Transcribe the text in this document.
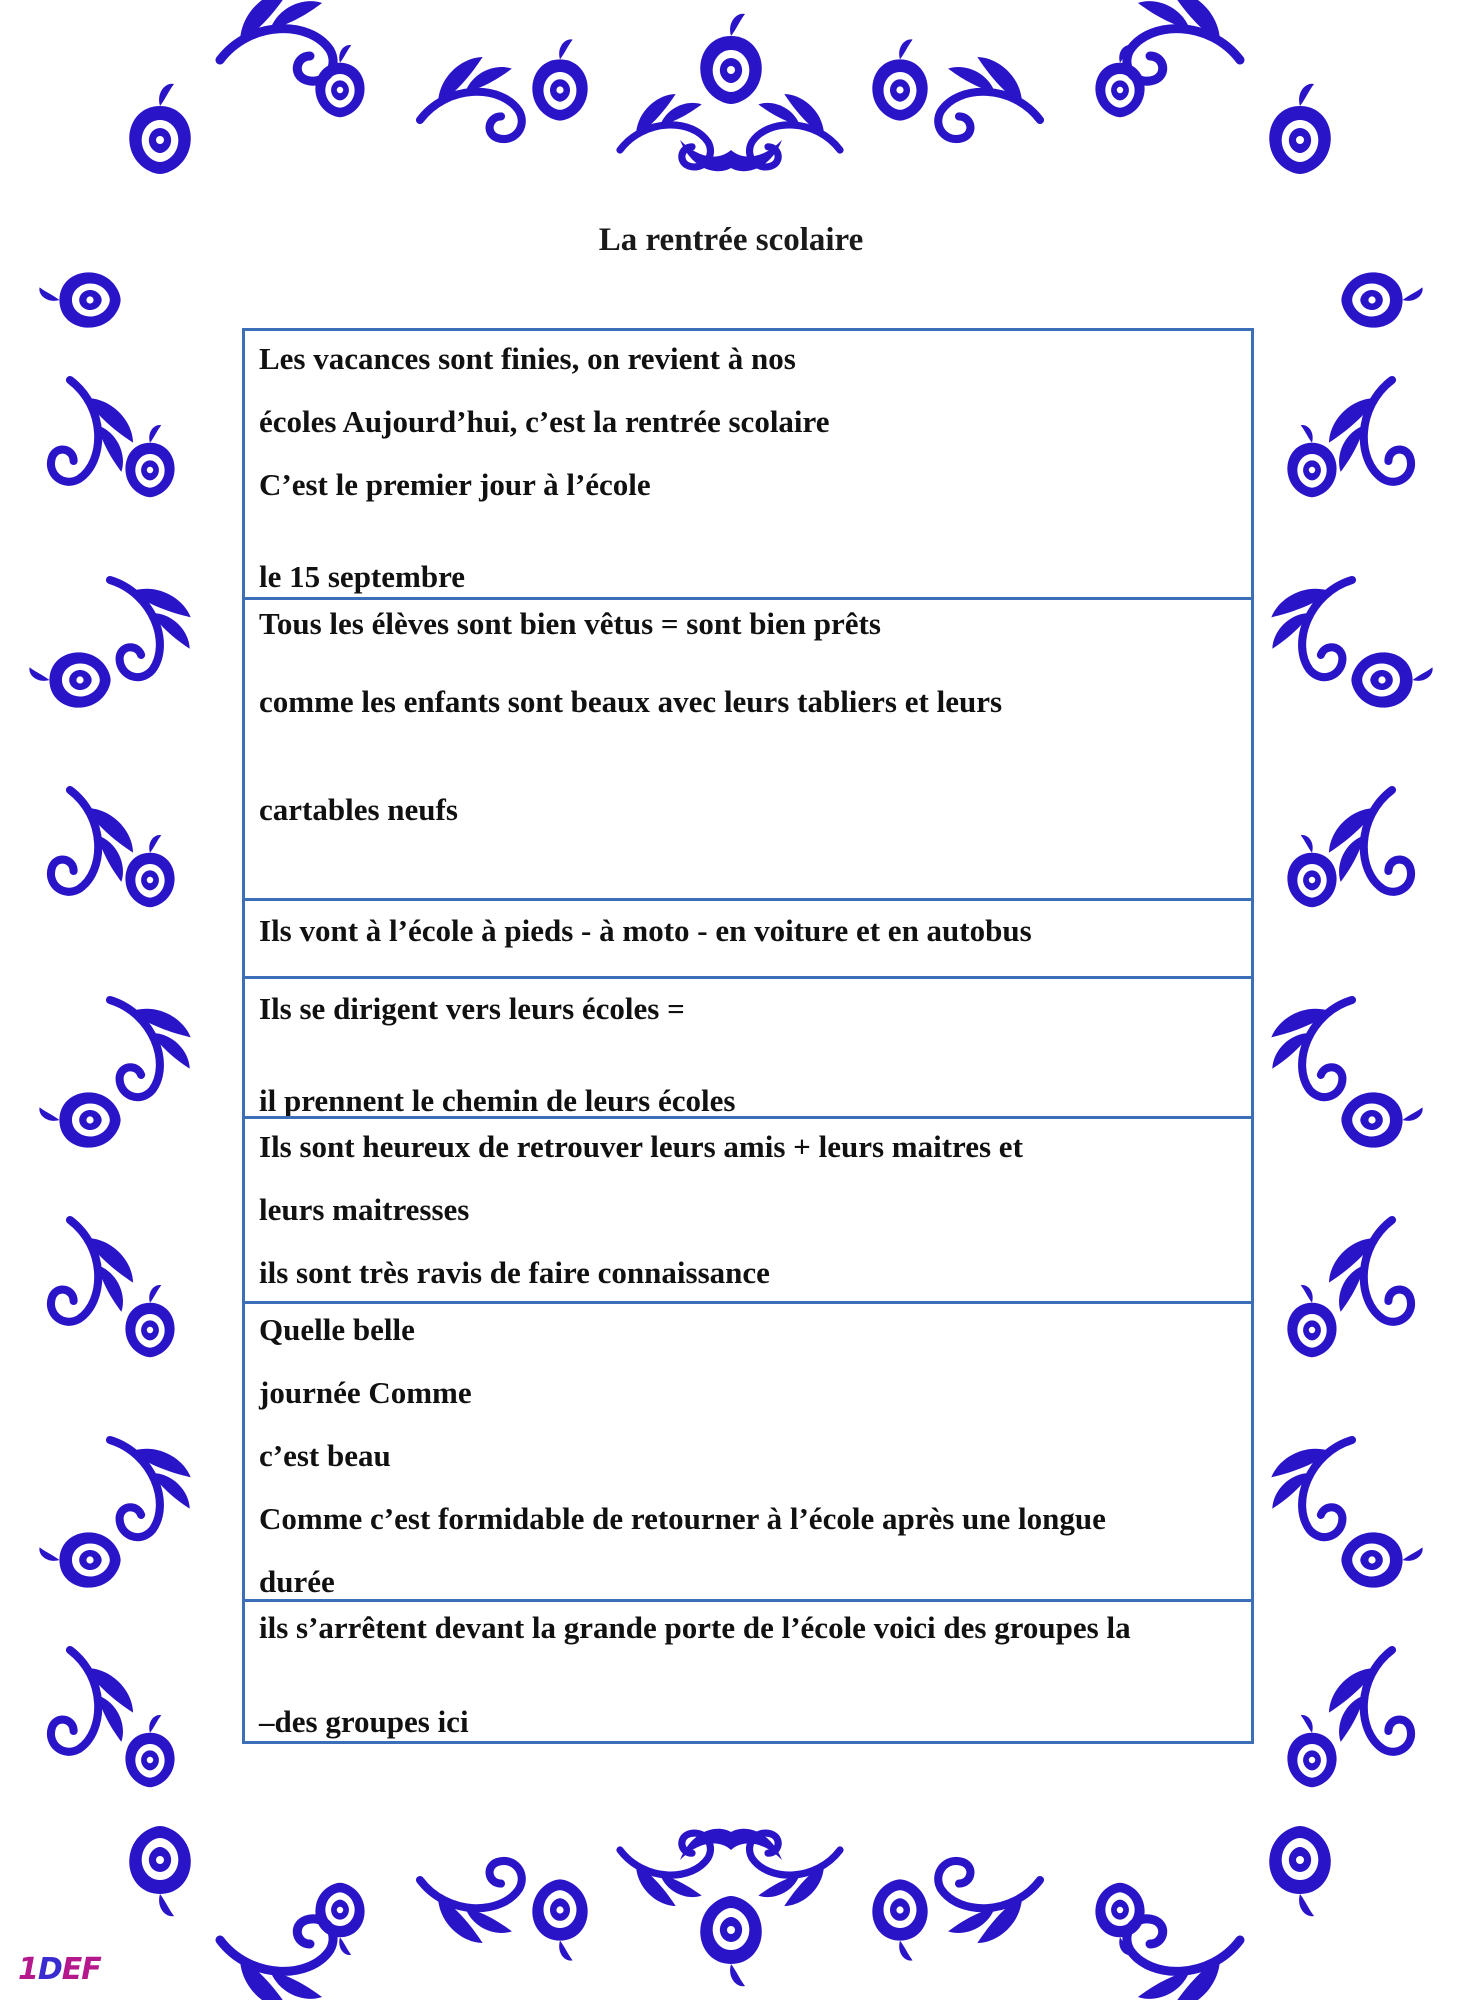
La rentrée scolaire
Les vacances sont finies, on revient à nos
écoles Aujourd’hui, c’est la rentrée scolaire
C’est le premier jour à l’école
le 15 septembre
Tous les élèves sont bien vêtus = sont bien prêts
comme les enfants sont beaux avec leurs tabliers et leurs
cartables neufs
Ils vont à l’école à pieds - à moto - en voiture et en autobus
Ils se dirigent vers leurs écoles =
il prennent le chemin de leurs écoles
Ils sont heureux de retrouver leurs amis + leurs maitres et
leurs maitresses
ils sont très ravis de faire connaissance
Quelle belle
journée Comme
c’est beau
Comme c’est formidable de retourner à l’école après une longue
durée
ils s’arrêtent devant la grande porte de l’école voici des groupes la
–des groupes ici
1DEF
